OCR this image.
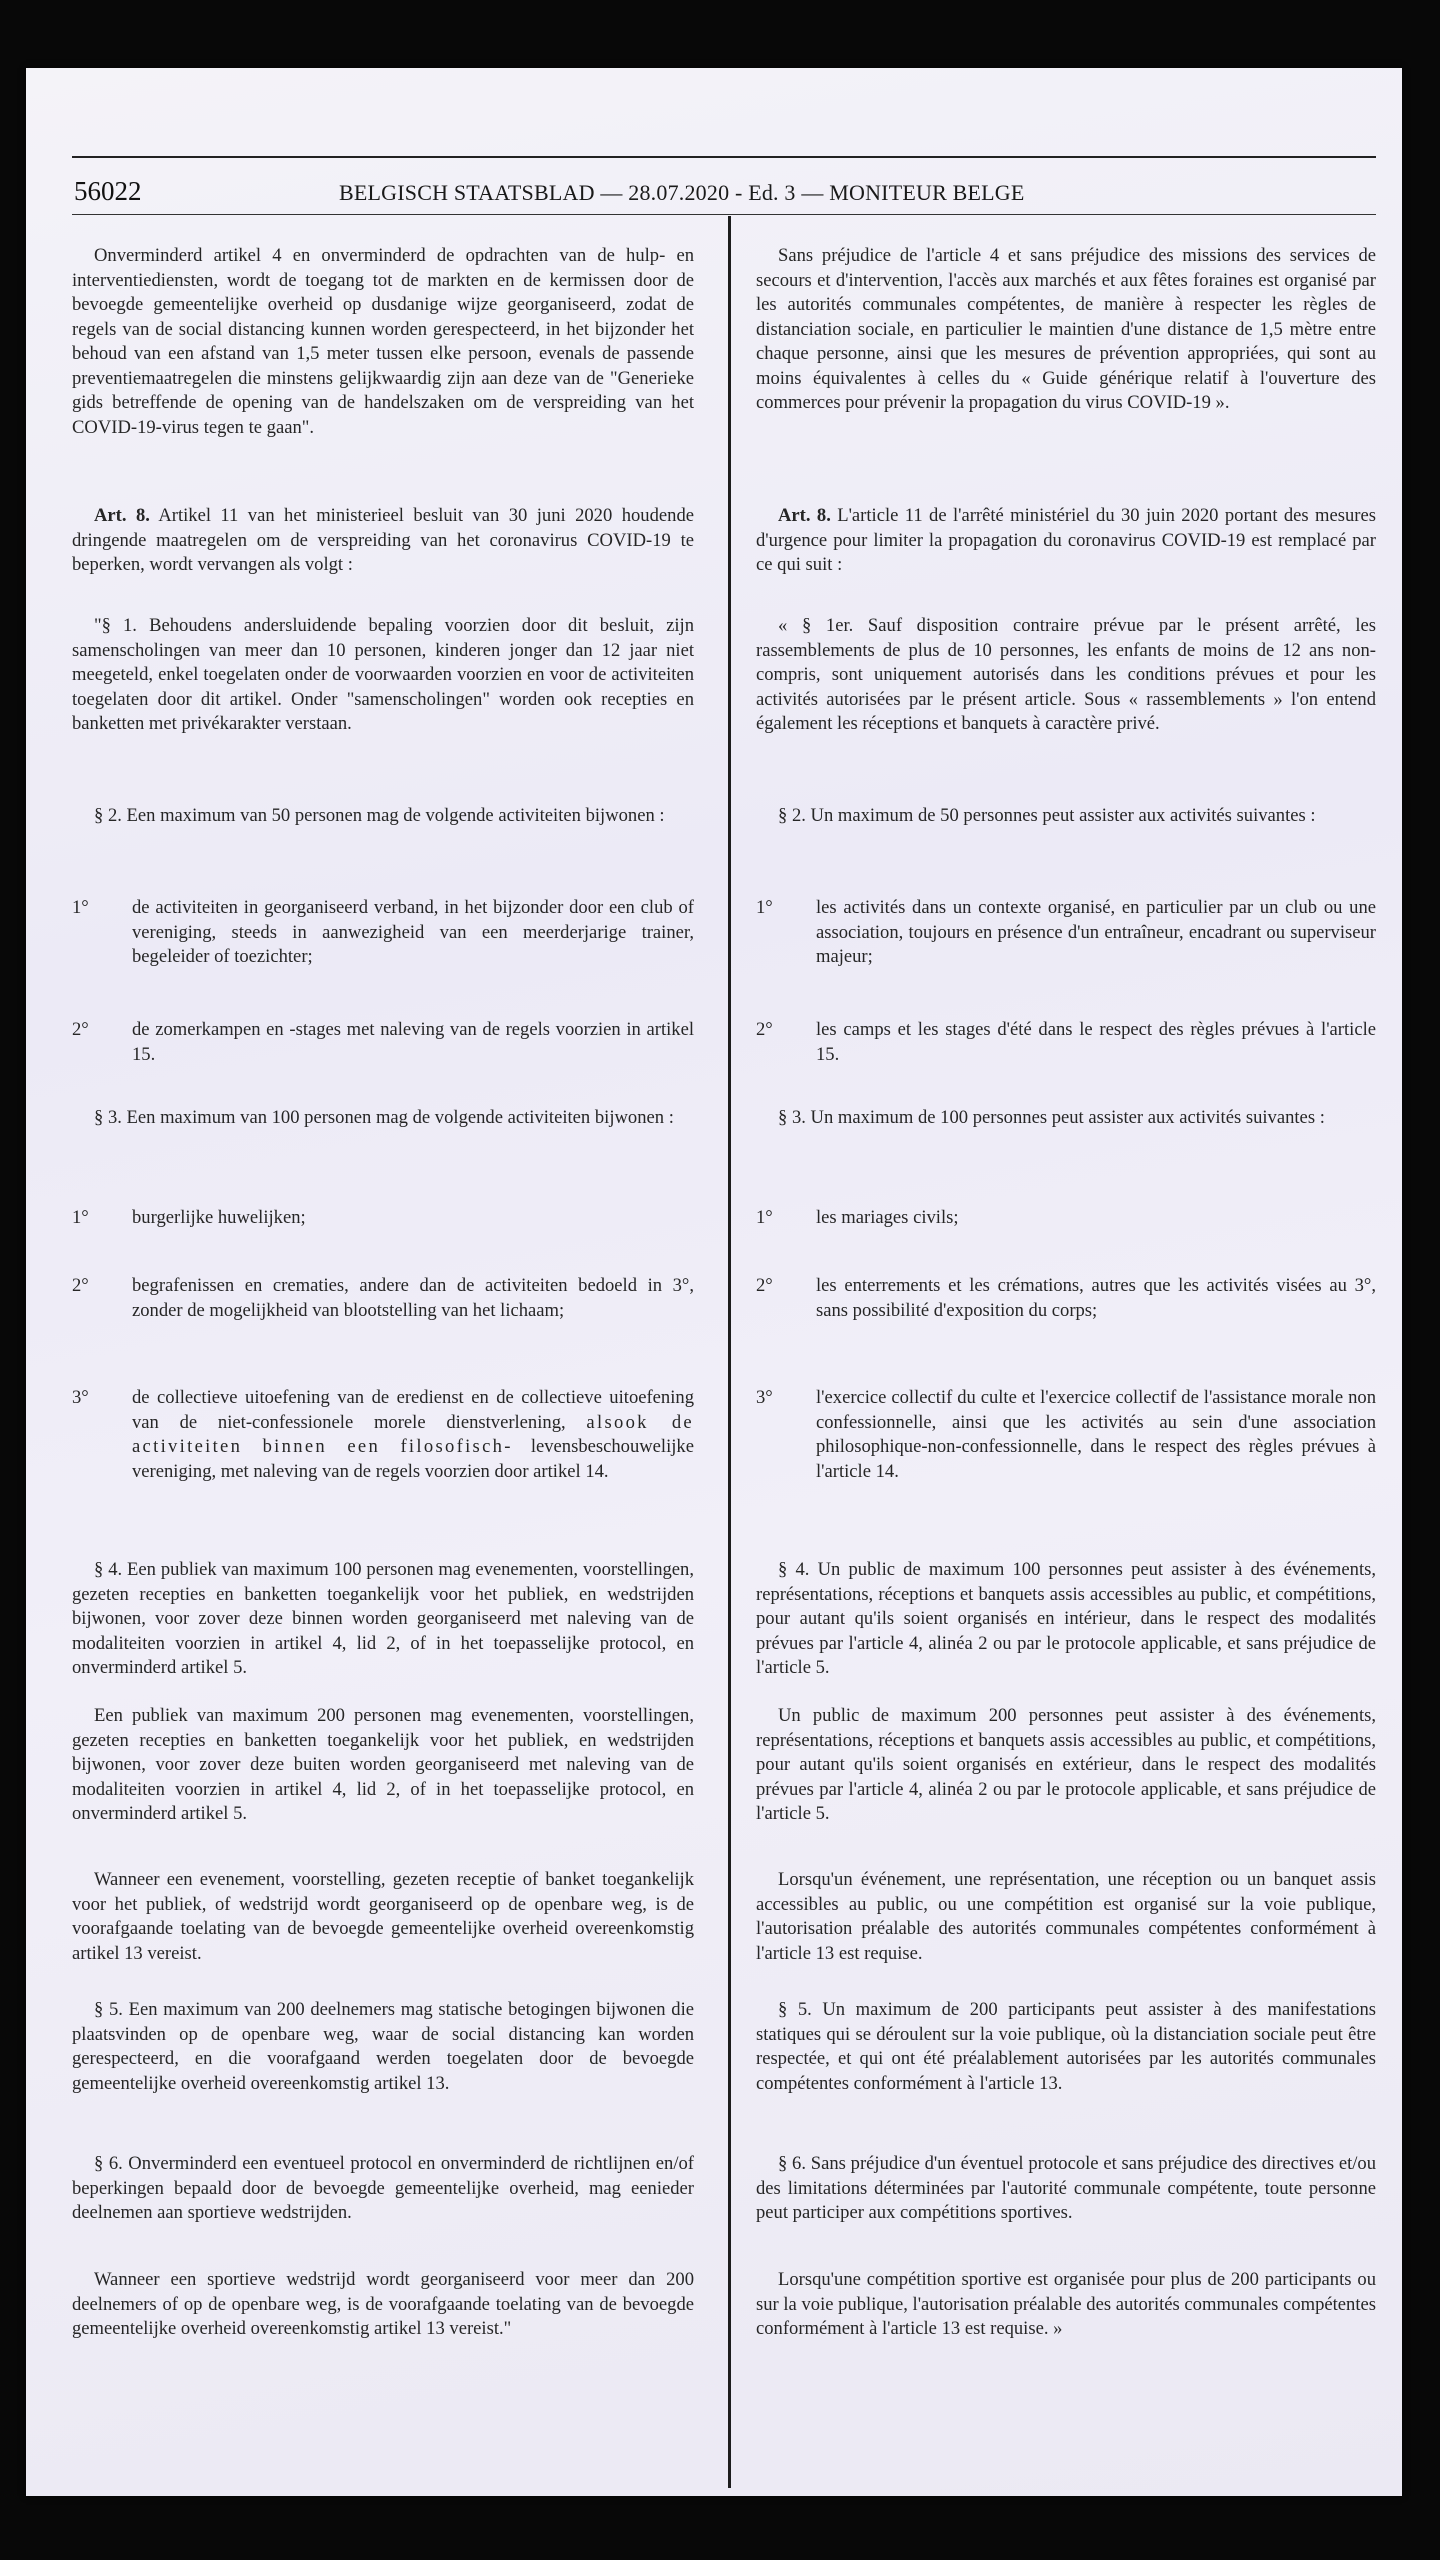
56022	BELGISCH STAATSBLAD — 28.07.2020 - Ed. 3 — MONITEUR BELGE

Onverminderd artikel 4 en onverminderd de opdrachten van de hulp- en interventiediensten, wordt de toegang tot de markten en de kermissen door de bevoegde gemeentelijke overheid op dusdanige wijze georganiseerd, zodat de regels van de social distancing kunnen worden gerespecteerd, in het bijzonder het behoud van een afstand van 1,5 meter tussen elke persoon, evenals de passende preventiemaatregelen die minstens gelijkwaardig zijn aan deze van de "Generieke gids betreffende de opening van de handelszaken om de verspreiding van het COVID-19-virus tegen te gaan".

Art. 8. Artikel 11 van het ministerieel besluit van 30 juni 2020 houdende dringende maatregelen om de verspreiding van het coronavirus COVID-19 te beperken, wordt vervangen als volgt :

"§ 1. Behoudens andersluidende bepaling voorzien door dit besluit, zijn samenscholingen van meer dan 10 personen, kinderen jonger dan 12 jaar niet meegeteld, enkel toegelaten onder de voorwaarden voorzien en voor de activiteiten toegelaten door dit artikel. Onder "samenscholingen" worden ook recepties en banketten met privékarakter verstaan.

§ 2. Een maximum van 50 personen mag de volgende activiteiten bijwonen :

1°	de activiteiten in georganiseerd verband, in het bijzonder door een club of vereniging, steeds in aanwezigheid van een meerderjarige trainer, begeleider of toezichter;
2°	de zomerkampen en -stages met naleving van de regels voorzien in artikel 15.

§ 3. Een maximum van 100 personen mag de volgende activiteiten bijwonen :

1°	burgerlijke huwelijken;
2°	begrafenissen en crematies, andere dan de activiteiten bedoeld in 3°, zonder de mogelijkheid van blootstelling van het lichaam;
3°	de collectieve uitoefening van de eredienst en de collectieve uitoefening van de niet-confessionele morele dienstverlening, alsook de activiteiten binnen een filosofisch- levensbeschouwelijke vereniging, met naleving van de regels voorzien door artikel 14.

§ 4. Een publiek van maximum 100 personen mag evenementen, voorstellingen, gezeten recepties en banketten toegankelijk voor het publiek, en wedstrijden bijwonen, voor zover deze binnen worden georganiseerd met naleving van de modaliteiten voorzien in artikel 4, lid 2, of in het toepasselijke protocol, en onverminderd artikel 5.

Een publiek van maximum 200 personen mag evenementen, voorstellingen, gezeten recepties en banketten toegankelijk voor het publiek, en wedstrijden bijwonen, voor zover deze buiten worden georganiseerd met naleving van de modaliteiten voorzien in artikel 4, lid 2, of in het toepasselijke protocol, en onverminderd artikel 5.

Wanneer een evenement, voorstelling, gezeten receptie of banket toegankelijk voor het publiek, of wedstrijd wordt georganiseerd op de openbare weg, is de voorafgaande toelating van de bevoegde gemeentelijke overheid overeenkomstig artikel 13 vereist.

§ 5. Een maximum van 200 deelnemers mag statische betogingen bijwonen die plaatsvinden op de openbare weg, waar de social distancing kan worden gerespecteerd, en die voorafgaand werden toegelaten door de bevoegde gemeentelijke overheid overeenkomstig artikel 13.

§ 6. Onverminderd een eventueel protocol en onverminderd de richtlijnen en/of beperkingen bepaald door de bevoegde gemeentelijke overheid, mag eenieder deelnemen aan sportieve wedstrijden.

Wanneer een sportieve wedstrijd wordt georganiseerd voor meer dan 200 deelnemers of op de openbare weg, is de voorafgaande toelating van de bevoegde gemeentelijke overheid overeenkomstig artikel 13 vereist."

Sans préjudice de l'article 4 et sans préjudice des missions des services de secours et d'intervention, l'accès aux marchés et aux fêtes foraines est organisé par les autorités communales compétentes, de manière à respecter les règles de distanciation sociale, en particulier le maintien d'une distance de 1,5 mètre entre chaque personne, ainsi que les mesures de prévention appropriées, qui sont au moins équivalentes à celles du « Guide générique relatif à l'ouverture des commerces pour prévenir la propagation du virus COVID-19 ».

Art. 8. L'article 11 de l'arrêté ministériel du 30 juin 2020 portant des mesures d'urgence pour limiter la propagation du coronavirus COVID-19 est remplacé par ce qui suit :

« § 1er. Sauf disposition contraire prévue par le présent arrêté, les rassemblements de plus de 10 personnes, les enfants de moins de 12 ans non-compris, sont uniquement autorisés dans les conditions prévues et pour les activités autorisées par le présent article. Sous « rassemblements » l'on entend également les réceptions et banquets à caractère privé.

§ 2. Un maximum de 50 personnes peut assister aux activités suivantes :

1°	les activités dans un contexte organisé, en particulier par un club ou une association, toujours en présence d'un entraîneur, encadrant ou superviseur majeur;
2°	les camps et les stages d'été dans le respect des règles prévues à l'article 15.

§ 3. Un maximum de 100 personnes peut assister aux activités suivantes :

1°	les mariages civils;
2°	les enterrements et les crémations, autres que les activités visées au 3°, sans possibilité d'exposition du corps;
3°	l'exercice collectif du culte et l'exercice collectif de l'assistance morale non confessionnelle, ainsi que les activités au sein d'une association philosophique-non-confessionnelle, dans le respect des règles prévues à l'article 14.

§ 4. Un public de maximum 100 personnes peut assister à des événements, représentations, réceptions et banquets assis accessibles au public, et compétitions, pour autant qu'ils soient organisés en intérieur, dans le respect des modalités prévues par l'article 4, alinéa 2 ou par le protocole applicable, et sans préjudice de l'article 5.

Un public de maximum 200 personnes peut assister à des événements, représentations, réceptions et banquets assis accessibles au public, et compétitions, pour autant qu'ils soient organisés en extérieur, dans le respect des modalités prévues par l'article 4, alinéa 2 ou par le protocole applicable, et sans préjudice de l'article 5.

Lorsqu'un événement, une représentation, une réception ou un banquet assis accessibles au public, ou une compétition est organisé sur la voie publique, l'autorisation préalable des autorités communales compétentes conformément à l'article 13 est requise.

§ 5. Un maximum de 200 participants peut assister à des manifestations statiques qui se déroulent sur la voie publique, où la distanciation sociale peut être respectée, et qui ont été préalablement autorisées par les autorités communales compétentes conformément à l'article 13.

§ 6. Sans préjudice d'un éventuel protocole et sans préjudice des directives et/ou des limitations déterminées par l'autorité communale compétente, toute personne peut participer aux compétitions sportives.

Lorsqu'une compétition sportive est organisée pour plus de 200 participants ou sur la voie publique, l'autorisation préalable des autorités communales compétentes conformément à l'article 13 est requise. »
